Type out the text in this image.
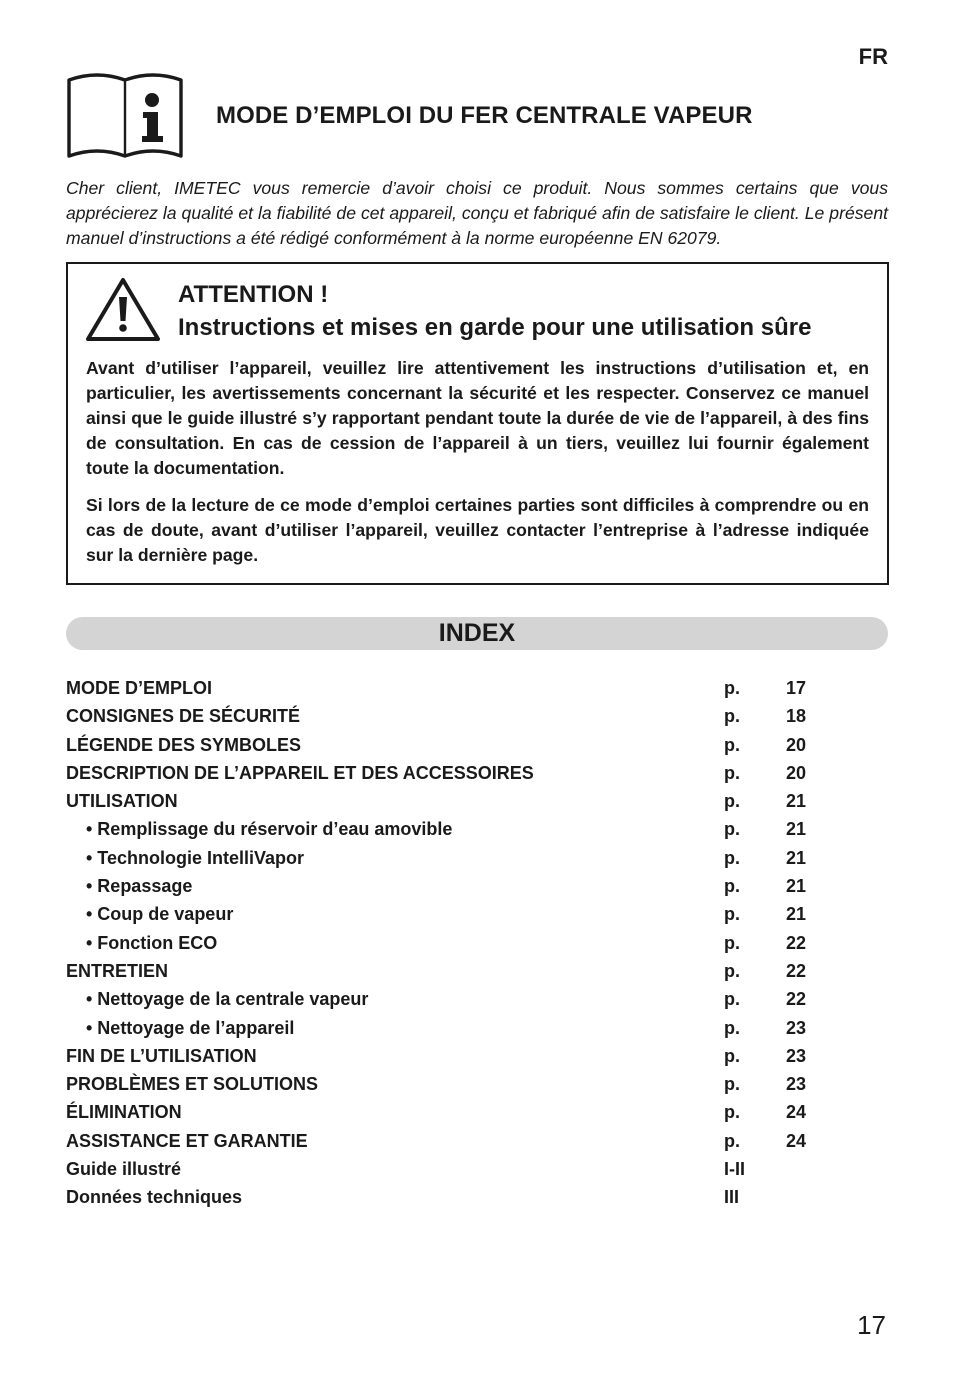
FR
MODE D’EMPLOI DU FER CENTRALE VAPEUR

Cher client, IMETEC vous remercie d’avoir choisi ce produit. Nous sommes certains que vous apprécierez la qualité et la fiabilité de cet appareil, conçu et fabriqué afin de satisfaire le client. Le présent manuel d’instructions a été rédigé conformément à la norme européenne EN 62079.

ATTENTION !
Instructions et mises en garde pour une utilisation sûre

Avant d’utiliser l’appareil, veuillez lire attentivement les instructions d’utilisation et, en particulier, les avertissements concernant la sécurité et les respecter. Conservez ce manuel ainsi que le guide illustré s’y rapportant pendant toute la durée de vie de l’appareil, à des fins de consultation. En cas de cession de l’appareil à un tiers, veuillez lui fournir également toute la documentation.

Si lors de la lecture de ce mode d’emploi certaines parties sont difficiles à comprendre ou en cas de doute, avant d’utiliser l’appareil, veuillez contacter l’entreprise à l’adresse indiquée sur la dernière page.

INDEX
MODE D’EMPLOI	p.	17
CONSIGNES DE SÉCURITÉ	p.	18
LÉGENDE DES SYMBOLES	p.	20
DESCRIPTION DE L’APPAREIL ET DES ACCESSOIRES	p.	20
UTILISATION	p.	21
• Remplissage du réservoir d’eau amovible	p.	21
• Technologie IntelliVapor	p.	21
• Repassage	p.	21
• Coup de vapeur	p.	21
• Fonction ECO	p.	22
ENTRETIEN	p.	22
• Nettoyage de la centrale vapeur	p.	22
• Nettoyage de l’appareil	p.	23
FIN DE L’UTILISATION	p.	23
PROBLÈMES ET SOLUTIONS	p.	23
ÉLIMINATION	p.	24
ASSISTANCE ET GARANTIE	p.	24
Guide illustré	I-II
Données techniques	III
17
